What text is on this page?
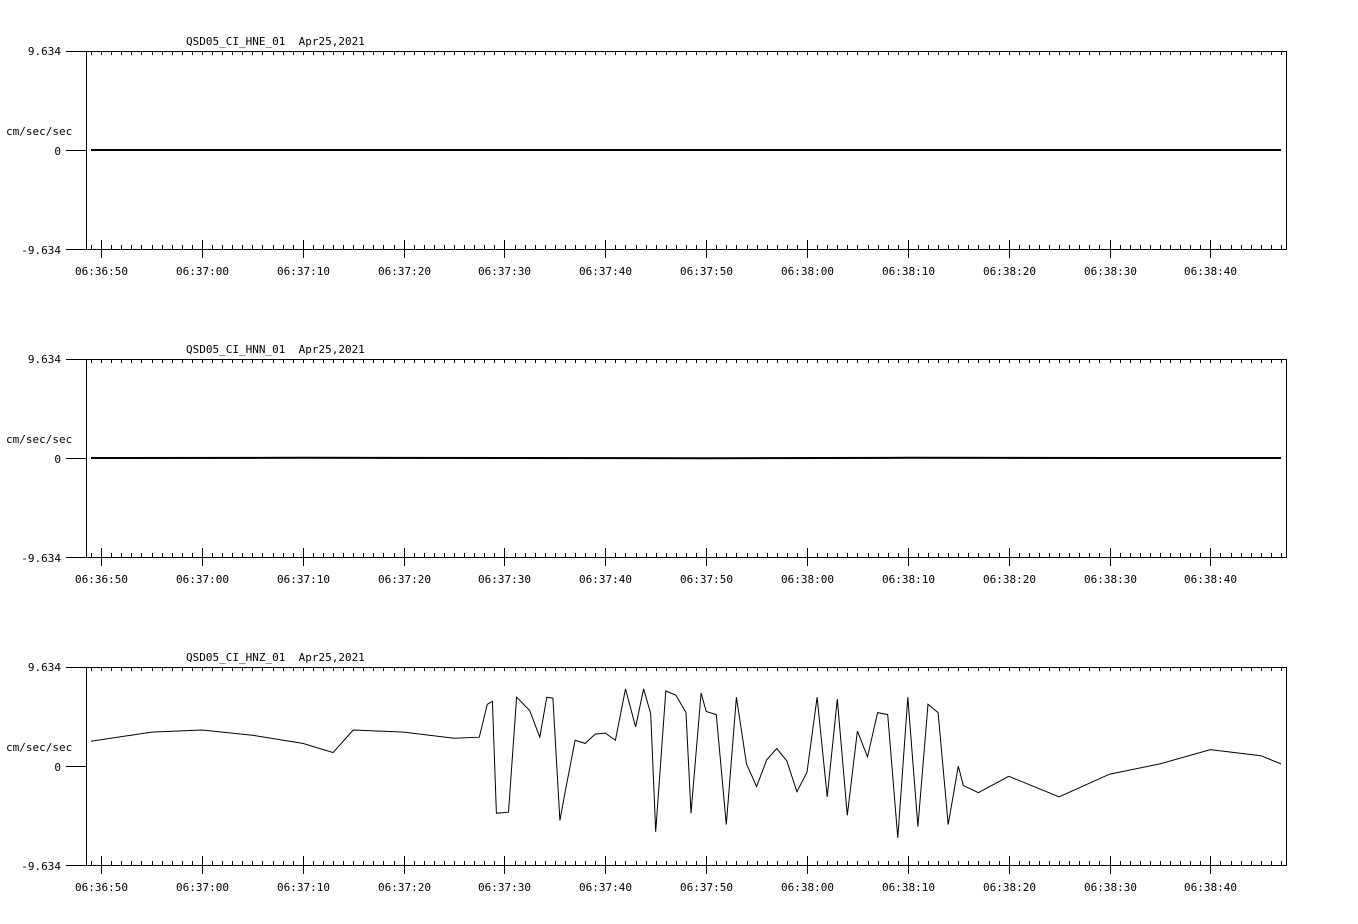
QSD05_CI_HNE_01  Apr25,2021
cm/sec/sec
9.634
0
-9.634
06:36:50	06:37:00	06:37:10	06:37:20	06:37:30	06:37:40	06:37:50	06:38:00	06:38:10	06:38:20	06:38:30	06:38:40
QSD05_CI_HNN_01  Apr25,2021
cm/sec/sec
9.634
0
-9.634
06:36:50	06:37:00	06:37:10	06:37:20	06:37:30	06:37:40	06:37:50	06:38:00	06:38:10	06:38:20	06:38:30	06:38:40
QSD05_CI_HNZ_01  Apr25,2021
cm/sec/sec
9.634
0
-9.634
06:36:50	06:37:00	06:37:10	06:37:20	06:37:30	06:37:40	06:37:50	06:38:00	06:38:10	06:38:20	06:38:30	06:38:40
